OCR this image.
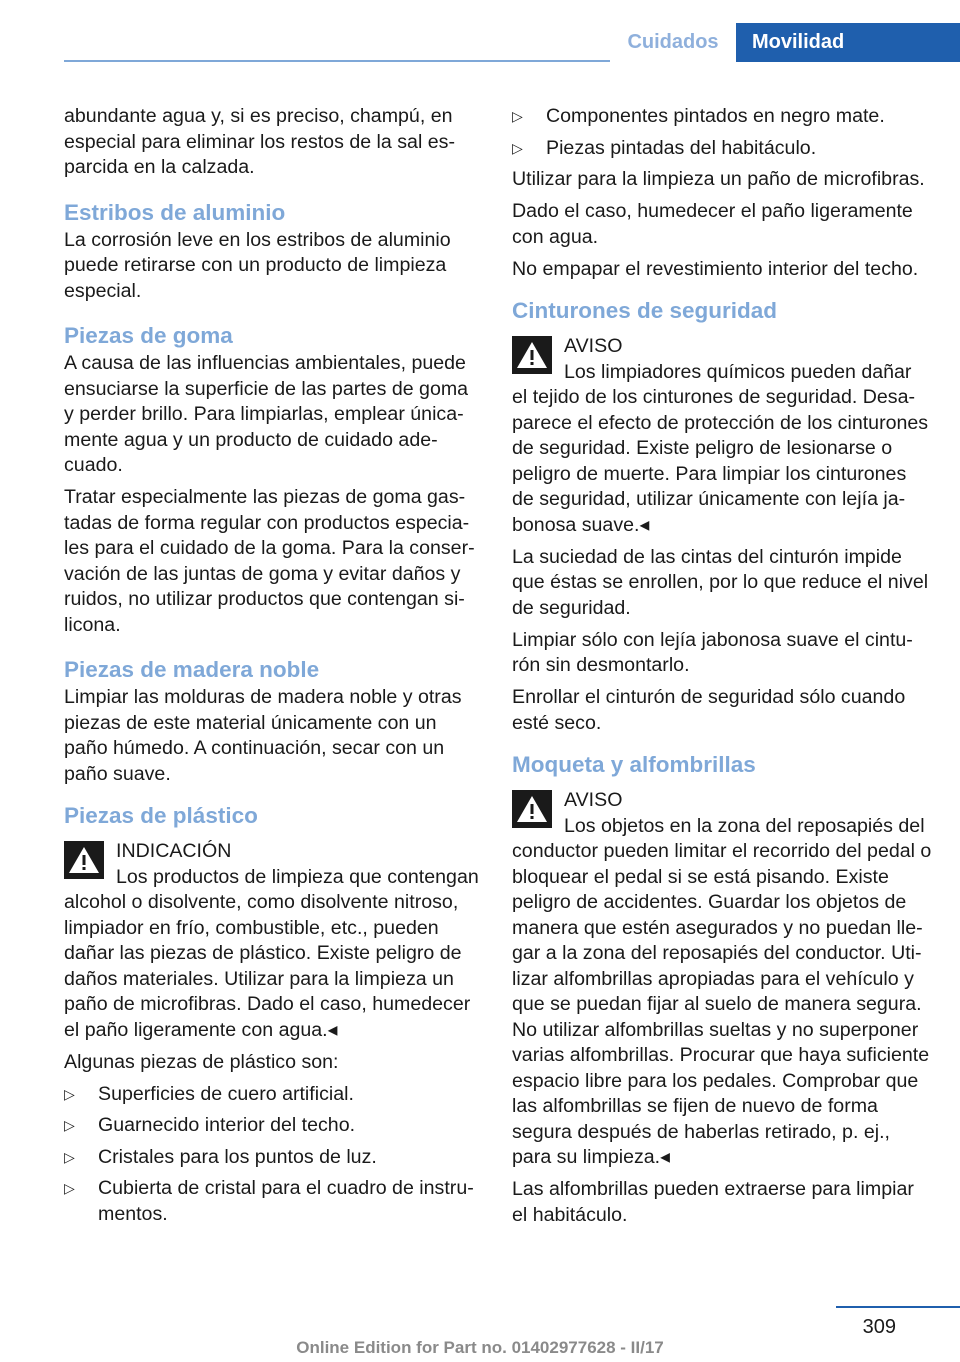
Cuidados	Movilidad

abundante agua y, si es preciso, champú, en especial para eliminar los restos de la sal esparcida en la calzada.

Estribos de aluminio

La corrosión leve en los estribos de aluminio puede retirarse con un producto de limpieza especial.

Piezas de goma

A causa de las influencias ambientales, puede ensuciarse la superficie de las partes de goma y perder brillo. Para limpiarlas, emplear únicamente agua y un producto de cuidado adecuado.

Tratar especialmente las piezas de goma gastadas de forma regular con productos especiales para el cuidado de la goma. Para la conservación de las juntas de goma y evitar daños y ruidos, no utilizar productos que contengan silicona.

Piezas de madera noble

Limpiar las molduras de madera noble y otras piezas de este material únicamente con un paño húmedo. A continuación, secar con un paño suave.

Piezas de plástico
INDICACIÓN
Los productos de limpieza que contengan alcohol o disolvente, como disolvente nitroso, limpiador en frío, combustible, etc., pueden dañar las piezas de plástico. Existe peligro de daños materiales. Utilizar para la limpieza un paño de microfibras. Dado el caso, humedecer el paño ligeramente con agua.◂

Algunas piezas de plástico son:

▷ Superficies de cuero artificial.
▷ Guarnecido interior del techo.
▷ Cristales para los puntos de luz.
▷ Cubierta de cristal para el cuadro de instrumentos.
▷ Componentes pintados en negro mate.
▷ Piezas pintadas del habitáculo.

Utilizar para la limpieza un paño de microfibras.

Dado el caso, humedecer el paño ligeramente con agua.

No empapar el revestimiento interior del techo.

Cinturones de seguridad
AVISO
Los limpiadores químicos pueden dañar el tejido de los cinturones de seguridad. Desaparece el efecto de protección de los cinturones de seguridad. Existe peligro de lesionarse o peligro de muerte. Para limpiar los cinturones de seguridad, utilizar únicamente con lejía jabonosa suave.◂

La suciedad de las cintas del cinturón impide que éstas se enrollen, por lo que reduce el nivel de seguridad.

Limpiar sólo con lejía jabonosa suave el cinturón sin desmontarlo.

Enrollar el cinturón de seguridad sólo cuando esté seco.

Moqueta y alfombrillas
AVISO
Los objetos en la zona del reposapiés del conductor pueden limitar el recorrido del pedal o bloquear el pedal si se está pisando. Existe peligro de accidentes. Guardar los objetos de manera que estén asegurados y no puedan llegar a la zona del reposapiés del conductor. Utilizar alfombrillas apropiadas para el vehículo y que se puedan fijar al suelo de manera segura. No utilizar alfombrillas sueltas y no superponer varias alfombrillas. Procurar que haya suficiente espacio libre para los pedales. Comprobar que las alfombrillas se fijen de nuevo de forma segura después de haberlas retirado, p. ej., para su limpieza.◂

Las alfombrillas pueden extraerse para limpiar el habitáculo.

309
Online Edition for Part no. 01402977628 - II/17
